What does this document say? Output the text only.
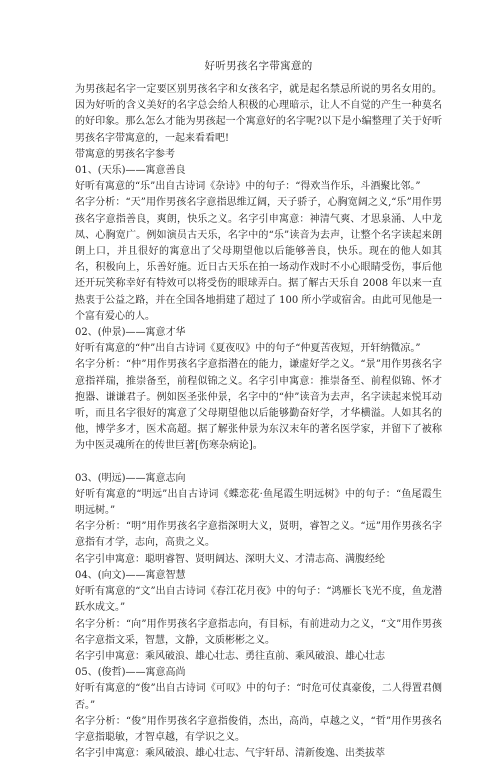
好听男孩名字带寓意的

为男孩起名字一定要区别男孩名字和女孩名字，就是起名禁忌所说的男名女用的。因为好听的含义美好的名字总会给人积极的心理暗示，让人不自觉的产生一种莫名的好印象。那么怎么才能为男孩起一个寓意好的名字呢?以下是小编整理了关于好听男孩名字带寓意的，一起来看看吧!

带寓意的男孩名字参考

01、(天乐)——寓意善良

好听有寓意的“乐”出自古诗词《杂诗》中的句子：“得欢当作乐，斗酒聚比邻。”

名字分析：“天”用作男孩名字意指思维辽阔，天子骄子，心胸宽阔之义,“乐”用作男孩名字意指善良，爽朗，快乐之义。名字引申寓意：神清气爽、才思泉涌、人中龙凤、心胸宽广。例如演员古天乐，名字中的“乐”读音为去声，让整个名字读起来朗朗上口，并且很好的寓意出了父母期望他以后能够善良，快乐。现在的他人如其名，积极向上，乐善好施。近日古天乐在拍一场动作戏时不小心眼睛受伤，事后他还开玩笑称幸好有特效可以将受伤的眼球弄白。据了解古天乐自 2008 年以来一直热衷于公益之路，并在全国各地捐建了超过了 100 所小学或宿舍。由此可见他是一个富有爱心的人。

02、(仲景)——寓意才华

好听有寓意的“仲”出自古诗词《夏夜叹》中的句子“仲夏苦夜短，开轩纳微凉。”

名字分析：“仲”用作男孩名字意指潜在的能力，谦虚好学之义。“景”用作男孩名字意指祥瑞，推崇备至，前程似锦之义。名字引申寓意：推崇备至、前程似锦、怀才抱器、谦谦君子。例如医圣张仲景，名字中的“仲”读音为去声，名字读起来悦耳动听，而且名字很好的寓意了父母期望他以后能够勤奋好学，才华横溢。人如其名的他，博学多才，医术高超。据了解张仲景为东汉末年的著名医学家，并留下了被称为中医灵魂所在的传世巨著[伤寒杂病论]。

03、(明远)——寓意志向

好听有寓意的“明远”出自古诗词《蝶恋花·鱼尾霞生明远树》中的句子：“鱼尾霞生明远树。”

名字分析：“明”用作男孩名字意指深明大义，贤明，睿智之义。“远”用作男孩名字意指有才学，志向，高贵之义。

名字引申寓意：聪明睿智、贤明阔达、深明大义、才清志高、满腹经纶

04、(向文)——寓意智慧

好听有寓意的“文”出自古诗词《春江花月夜》中的句子：“鸿雁长飞光不度，鱼龙潜跃水成文。”

名字分析：“向”用作男孩名字意指志向，有目标，有前进动力之义，“文”用作男孩名字意指文采，智慧，文静，文质彬彬之义。

名字引申寓意：乘风破浪、雄心壮志、勇往直前、乘风破浪、雄心壮志

05、(俊哲)——寓意高尚

好听有寓意的“俊”出自古诗词《可叹》中的句子：“时危可仗真豪俊，二人得置君侧否。”

名字分析：“俊”用作男孩名字意指俊俏，杰出，高尚，卓越之义，“哲”用作男孩名字意指聪敏，才智卓越，有学识之义。

名字引申寓意：乘风破浪、雄心壮志、气宇轩昂、清新俊逸、出类拔萃
